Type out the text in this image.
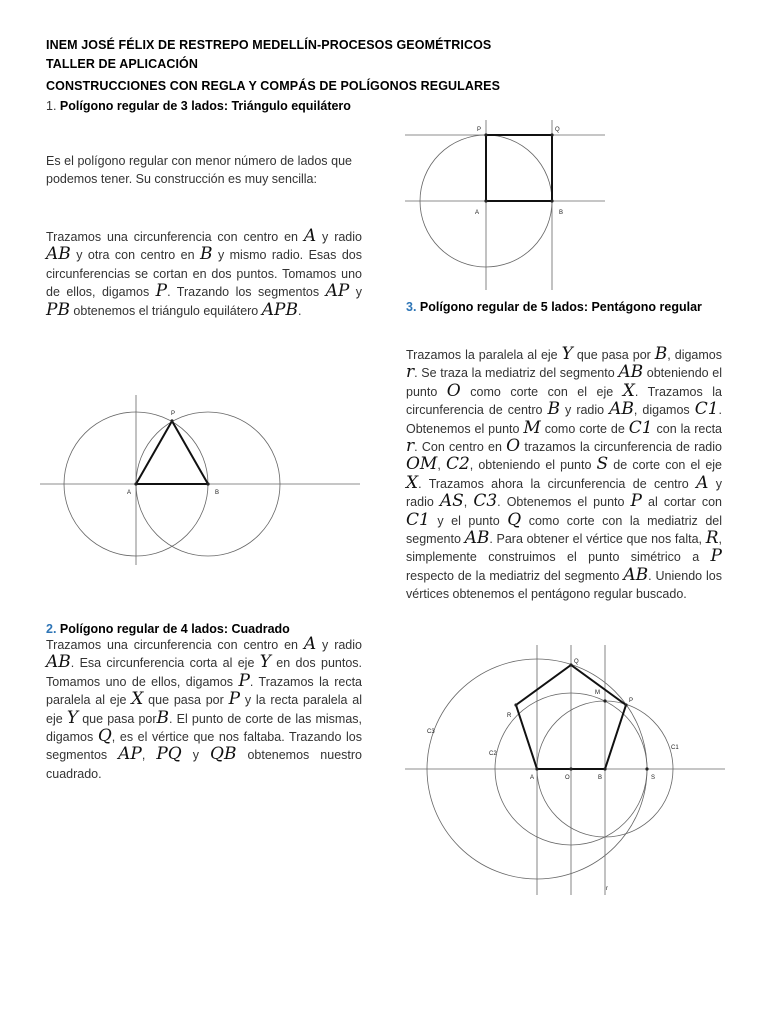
INEM JOSÉ FÉLIX DE RESTREPO MEDELLÍN-PROCESOS GEOMÉTRICOS
TALLER DE APLICACIÓN
CONSTRUCCIONES CON REGLA Y COMPÁS DE POLÍGONOS REGULARES
1. Polígono regular de 3 lados: Triángulo equilátero
Es el polígono regular con menor número de lados que podemos tener. Su construcción es muy sencilla:
Trazamos una circunferencia con centro en A y radio AB y otra con centro en B y mismo radio. Esas dos circunferencias se cortan en dos puntos. Tomamos uno de ellos, digamos P. Trazando los segmentos AP y PB obtenemos el triángulo equilátero APB.
A	B
P
2. Polígono regular de 4 lados: Cuadrado
Trazamos una circunferencia con centro en A y radio AB. Esa circunferencia corta al eje Y en dos puntos. Tomamos uno de ellos, digamos P. Trazamos la recta paralela al eje X que pasa por P y la recta paralela al eje Y que pasa porB. El punto de corte de las mismas, digamos Q, es el vértice que nos faltaba. Trazando los segmentos AP, PQ y QB obtenemos nuestro cuadrado.
A	B
P	Q
3. Polígono regular de 5 lados: Pentágono regular
Trazamos la paralela al eje Y que pasa por B, digamos r. Se traza la mediatriz del segmento AB obteniendo el punto O como corte con el eje X. Trazamos la circunferencia de centro B y radio AB, digamos C1. Obtenemos el punto M como corte de C1 con la recta r. Con centro en O trazamos la circunferencia de radio OM, C2, obteniendo el punto S de corte con el eje X. Trazamos ahora la circunferencia de centro A y radio AS, C3. Obtenemos el punto P al cortar con C1 y el punto Q como corte con la mediatriz del segmento AB. Para obtener el vértice que nos falta, R, simplemente construimos el punto simétrico a P respecto de la mediatriz del segmento AB. Uniendo los vértices obtenemos el pentágono regular buscado.
A	B
O	S
P
Q
R
M
C1
C2
C3
r
